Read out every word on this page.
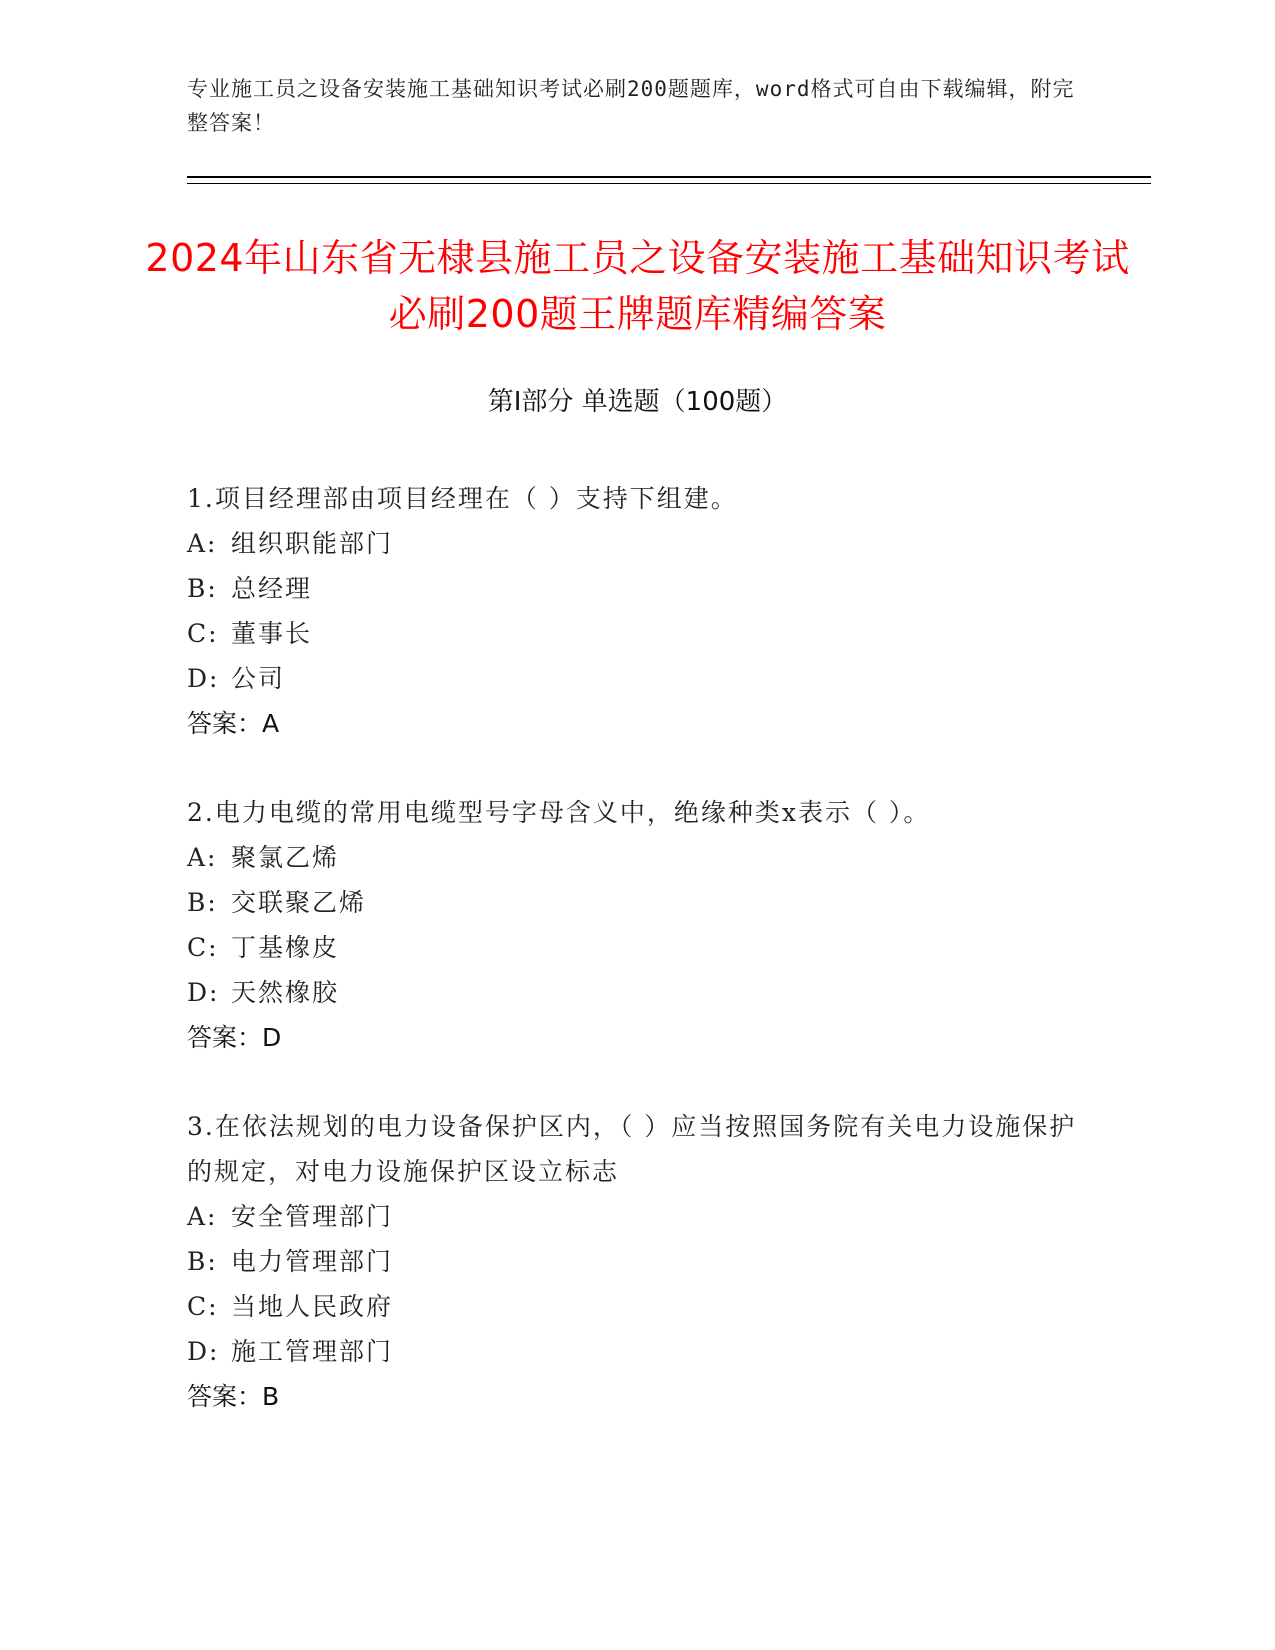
专业施工员之设备安装施工基础知识考试必刷200题题库，word格式可自由下载编辑，附完整答案！
2024年山东省无棣县施工员之设备安装施工基础知识考试必刷200题王牌题库精编答案
第Ⅰ部分 单选题（100题）
1.项目经理部由项目经理在（ ）支持下组建。
A: 组织职能部门
B: 总经理
C: 董事长
D: 公司
答案：A
2.电力电缆的常用电缆型号字母含义中，绝缘种类x表示（ ）。
A: 聚氯乙烯
B: 交联聚乙烯
C: 丁基橡皮
D: 天然橡胶
答案：D
3.在依法规划的电力设备保护区内，（ ）应当按照国务院有关电力设施保护的规定，对电力设施保护区设立标志
A: 安全管理部门
B: 电力管理部门
C: 当地人民政府
D: 施工管理部门
答案：B
